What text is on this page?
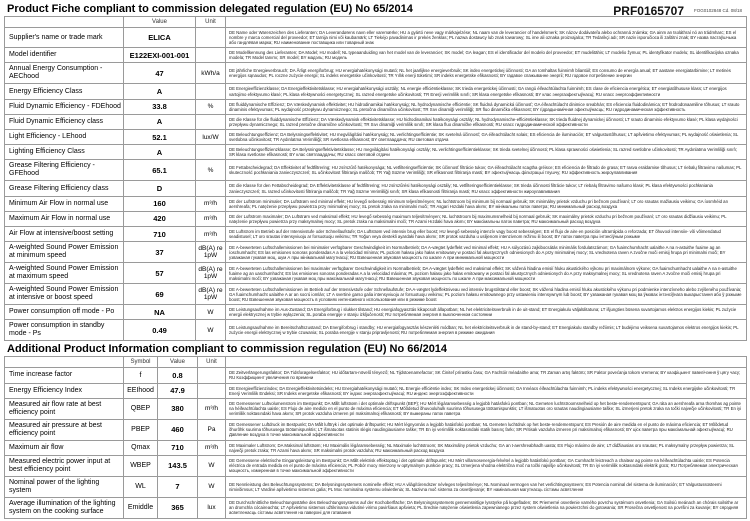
Product Fiche compliant to commission delegated regulation (EU) No 65/2014	PRF0165707 FOG0102848 Cd. 08/18
	Value	Unit	
Supplier's name or trade mark	ELICA		DE Name oder Warenzeichen des Lieferanten; DA Leverandørens navn eller varemærke; HU a gyártó neve vagy márkajelzése; NL naam van de leverancier of handelsmerk; SK názov dodávateľa alebo ochranná známka; GA ainm an tsoláthraí nó an trádmharc; ES el nombre y marca comercial del proveedor; ET tarnija nimi või kaubamärk; LT Tiekėjo pavadinimas ir prekės ženklas; PL nazwa dostawcy lub znak towarowy; SL ime ali oznaka proizvajalca; TR Tedarikçi adı; SR naziv isporučioca ili zaštitni znak; BY назва пастаўшчыка або гандлёвая марка; RU наименование поставщика или товарный знак
Model identifier	E122EXI-001-001		DE Modellkennung des Lieferanten; DA Model; HU modell; NL typeaanduiding van het model van de leverancier; SK model; GA leagan; ES el identificador del modelo del proveedor; ET mudelitähis; LT modelio žymuo; PL identyfikator modelu; SL identifikacijska oznaka modela; TR Model tanımı; SR model; BY мадэль; RU модель
Annual Energy Consumption - AEChood	47	kWh/a	DE jährliche Energieverbrauch; DA Årligt energiforbrug; HU energiahatékonysági mutató; NL het jaarlijkse energieverbruik; SK index energetickej účinnosti; GA an tomhaltas fuinnimh bliantúil; ES consumo de energía anual; ET aastane energiatarbimine; LT metinės energijos sąnaudos; PL roczne zużycie energii; SL indeks energetske učinkovitosti; TR Yıllık enerji tüketimi; SR indeks energetske efikasnosti; BY гадавое спажыванне энергіі; RU годовое потребление энергии
Energy Efficiency Class	A		DE Energieeffizienzklasse; DA Energieffektivitetsklasse; HU energiahatékonysági osztály; NL energie efficiëntieklasse; SK trieda energetickej účinnosti; GA rangú éifeachtúlachta fuinnimh; ES clase de eficiencia energética; ET energiatõhususe klass; LT energijos vartojimo efektyvumo klasė; PL klasa efektywności energetycznej; SL razred energetske učinkovitosti; TR Enerji verimlilik sınıfı; SR klasa energetske efikasnosti; BY клас энергаэфектыўнасці; RU класс энергоэффективности
Fluid Dynamic Efficiency - FDEhood	33.8	%	DE fluiddynamische Effizienz; DA Væskedynamisk effektivitet; HU hidrodinamikai hatékonyság; NL hydrodynamische efficiëntie; SK fluidná dynamická účinnosť; GA éifeachtúlacht dinimice sreabhán; ES eficiencia fluidodinámica; ET hüdrodünaamiline tõhusus; LT srauto dinaminis efektyvumas; PL wydajność przepływu dynamicznego; SL pretočna dinamična učinkovitost; TR Sıvı dinamiği verimliliği; SR fluo dinamička efikasnost; BY гідрадынамічная эфектыўнасць; RU гидродинамическая эффективность
Fluid Dynamic Efficiency class	A		DE die Klasse für die fluiddynamische Effizienz; DA Væskedynamisk effektivitetsklasse; HU hidrodinamikai hatékonysági osztály; NL hydrodynamische-efficiëntieklasse; SK trieda fluidnej dynamickej účinnosti; LT srauto dinaminio efektyvumo klasė; PL klasa wydajności przepływu dynamicznego; SL razred pretočne dinamične učinkovitosti; TR Sıvı dinamiği verimlilik sınıfı; SR klasa fluo dinamičke efikasnosti; RU класс гидродинамической эффективности
Light Efficiency - LEhood	52.1	lux/W	DE Beleuchtungseffizienz; DA Belysningseffektivitet; HU megvilágítási hatékonyság; NL verlichtingsefficiëntie; SK svetelná účinnosť; GA éifeachtúlacht solais; ES eficiencia de iluminación; ET valgustustõhusus; LT apšvietimo efektyvumas; PL wydajność oświetlenia; SL svetlobna učinkovitost; TR Aydınlatma Verimliliği; SR svetlosna efikasnost; BY светлааддача; RU световая отдача
Lighting Efficiency Class	A		DE Beleuchtungseffizienzklasse; DA Belysningseffektivitetsklasse; HU megvilágítási hatékonysági osztály; NL verlichtingsefficiëntieklasse; SK trieda svetelnej účinnosti; PL klasa sprawności oświetlenia; SL razred svetlobne učinkovitosti; TR Aydınlatma Verimliliği sınıfı; SR klasa svetlosne efikasnosti; BY клас святлааддачы; RU класс световой отдачи
Grease Filtering Efficiency - GFEhood	65.1	%	DE Fettabscheidegrad; DA Effektivitet af fedtfiltrering; HU zsírszűrő hatékonysága; NL vetfilteringsefficiëntie; SK účinnosť filtrácie tukov; GA éifeachtúlacht scagtha gréisce; ES eficiencia de filtrado de grasa; ET rasva eraldamise tõhusus; LT riebalų filtravimo našumas; PL skuteczność pochłaniania zanieczyszczeń; SL učinkovitost filtriranja maščob; TR Yağ Süzme Verimliliği; SR efikasnost filtriranja masti; BY эфектыўнасць фільтрацыі тлушчу; RU эффективность жироулавливания
Grease Filtering Efficiency class	D		DE die Klasse für den Fettabscheidegrad; DA Effektivitetsklasse af fedtfiltrering; HU zsírszűrési hatékonysági osztály; NL vetfilteringsefficiëntieklasse; SK trieda účinnosti filtrácie tukov; LT riebalų filtravimo našumo klasė; PL klasa efektywności pochłaniania zanieczyszczeń; SL razred učinkovitosti filtriranja maščob; TR Yağ Süzme Verimliliği sınıfı; SR klasa efikasnosti filtriranja masti; RU класс эффективности жироулавливания
Minimum Air Flow in normal use	160	m³/h	DE der Luftstrom minimaler; DA Luftstrøm ved minimal effekt; HU levegő sebesség minimum teljesítményen; NL luchtstroom bij minimum bij normaal gebruik; SK minimálny prietok vzduchu pri bežnom používaní; LT oro srautas mažiausiu veikimu; GA íosmhéid an aershreafa; PL natężenie przepływu powietrza przy minimalnej mocy; SL pretok zraka na minimalni moči; TR Asgari Hızdaki hava akımı; BY мінімальны паток паветра; RU минимальный расход воздуха
Maximum Air Flow in normal use	420	m³/h	DE der Luftstrom maximaler; DA Luftstrøm ved maksimal effekt; HU levegő sebesség maximum teljesítményen; NL luchtstroom bij maximumsnelheid bij normaal gebruik; SK maximálny prietok vzduchu pri bežnom používaní; LT oro srautas didžiausiu veikimu; PL natężenie przepływu powietrza przy maksymalnej mocy; SL pretok zraka na maksimalni moči; TR Azami Hızdaki hava akımı; BY максімальны паток паветра; RU максимальный расход воздуха
Air Flow at intensive/boost setting	710	m³/h	DE Luftstrom im Betrieb auf der Intensivstufe oder Schnellaufstufe; DA Luftstrøm ved intensiv brug eller boost; HU levegő sebesség intenzív vagy boost sebességen; ES el flujo de aire en posición ultrarrápida o reforzada; ET õhuvool intensiiv- või võimendatud seadistusel; LT oro srautas intensyviuoju ar forsuotuoju veikimu; TR Yoğun veya destekli ayardaki hava akımı; SR protok vazduha u usiljenom intenzivnom režimu ili boost; BY паток паветра пры інтэнсіўным рэжыме
A-weighted Sound Power Emission at minimum speed	37	dB(A) re 1pW	DE A-bewerteten Luftschallemissionen bei minimaler verfügbarer Geschwindigkeit im Normalbetrieb; DA A-vægtet lydeffekt ved minimal effekt; HU A súlyozású zajkibocsátás minimális fordulatszámon; GA fuaimchumhacht ualaithe A na n-astuithe fuaime ag an íoschumhacht; ES las emisiones sonoras ponderadas A a la velocidad mínima; PL poziom hałasu jako hałas emitowany w postaci fal akustycznych odniesionych do A przy minimalnej mocy; SL vrednotena raven A zvočne moči emisij hrupa pri minimalni moči; BY узважаная гукавая моц, шум А пры мінімальнай магутнасці; RU Взвешенная звуковая мощность по шкале А при минимальной мощности
A-weighted Sound Power Emission at maximum speed	57	dB(A) re 1pW	DE A-bewerteten Luftschallemissionen bei maximaler verfügbarer Geschwindigkeit im Normalbetrieb; DA A-vægtet lydeffekt ved maksimal effekt; SK vážená hladina emisií hluku akustického výkonu pri maximálnom výkone; GA fuaimchumhacht ualaithe A na n-astuithe fuaime ag an uaschumhacht; ES las emisiones sonoras ponderadas A a la velocidad máxima; PL poziom hałasu jako hałas emitowany w postaci fal akustycznych odniesionych do A przy maksymalnej mocy; SL vrednotena raven A zvočne moči emisij hrupa pri maksimalni moči; BY узважаная гукавая моц пры максімальнай магутнасці; RU Взвешенная звуковая мощность по шкале А при максимальной мощности
A-weighted Sound Power Emission at intensive or boost speed	69	dB(A) re 1pW	DE A-bewerteten Luftschallemissionen im Betrieb auf der Intensivstufe oder Schnellaufstufe; DA A-vægtet lydeffektniveau ved intensiv brugstilstand eller boost; SK vážená hladina emisií hluku akustického výkonu pri podmienke intenzívneho alebo zvýšeného používania; GA fuaimchumhacht ualaithe A ar an socrú iomlán; LT A svertinė garso galia intensyviuoju ar forsuotuoju veikimu; PL poziom hałasu emitowanego przy ustawieniu intensywnym lub boost; BY узважаная гукавая моц ва ўмовах інтэнсіўнага выкарыстання або ў рэжыме boost; RU Взвешенная звуковая мощность в условиях интенсивного использования или в режиме boost
Power consumption off mode - Po	NA	W	DE Leistungsaufnahme im Aus-Zustand; DA Energiforbrug i slukket tilstand; HU energiafogyasztás kikapcsolt állapotban; NL het elektriciteitsverbruik in de uit-stand; ET Energiakulu väljalülitatuna; LT išjungties būsena suvartojamos elektros energijos kiekis; PL zużycie energii elektrycznej w trybie wyłączenia; SL poraba energije v stanju izključenosti; RU потребляемая энергия в выключенном состоянии
Power consumption in standby mode - Ps	0.49	W	DE Leistungsaufnahme im Bereitschaftszustand; DA Energiforbrug i standby; HU energiafogyasztás készenléti módban; NL het elektriciteitsverbruik in de stand-by-stand; ET Energiakulu standby režiimis; LT budėjimo veiksena suvartojamos elektros energijos kiekis; PL zużycie energii elektrycznej w trybie czuwania; SL poraba energije v stanju pripravljenosti; RU потребляемая энергия в режиме ожидания
Additional Product Information compliant to commission regulation (EU) No 66/2014
	Symbol	Value	Unit	
Time increase factor	f	0.8		DE Zeitverlängerungsfaktor; DA Tidsforøgelsesfaktor; HU időtartam-növelő tényező; NL Tijdstoenamefactor; SK Činiteľ prírastku času; GA Fachtóir méadaithe ama; TR Zaman artış faktörü; SR Faktor povećanja tokom vremena; BY каэфіцыент павелічэння ў цягу часу; RU Коэффициент увеличения по времени
Energy Efficiency Index	EEIhood	47.9		DE Energieeffizienzindex; DA Energieffektivitetsindeks; HU Energiahatékonysági mutató; NL Energie efficiëntie index; SK Index energetickej účinnosti; GA Innéacs éifeachtúlachta fuinnimh; PL indeks efektywności energetycznej; SL Indeks energijske učinkovitosti; TR Enerji Verimlilik Endeksi; SR Indeks energetske efikasnosti; BY індэкс энергаэфектыўнасці; RU индекс энергоэффективности
Measured air flow rate at best efficiency point	QBEP	380	m³/h	DE Gemessener Luftvolumenstrom im Bestpunkt; DA Målt luftstrøm i det optimale driftspunkt (BEP); HU Mért légáramsebesség a legjobb hatásfokú pontban; NL Gemeten luchtstroomsnelheid op het beste-rendementspunt; GA ráta an aershreafa arna thomhas ag pointe na héifeachtúlachta uaisle; ES Flujo de aire medido en el punto de máxima eficiencia; ET Mõõdetud õhuvooluhulk suurima tõhususega töötamispunktis; LT išmatuotas oro srautas naudingiausiame taške; SL izmerjeni pretok zraka na točki največje učinkovitosti; TR En iyi verimlilik noktasındaki hava akımı; SR protok vazduha izmeren pri maksimalnoj efikasnosti; BY вымераны паток паветра
Measured air pressure at best efficiency point	PBEP	460	Pa	DE Gemessener Luftdruck im Bestpunkt; DA Målt lufttryk i det optimale driftspunkt; HU Mért légnyomás a legjobb hatásfokú pontban; NL Gemeten luchtdruk op het beste-rendementspunt; ES Presión de aire medida en el punto de máxima eficiencia; ET Mõõdetud õhurõhk suurima tõhususega töötamispunktis; LT išmatuotas statinis slėgis naudingiausiame taške; TR En iyi verimlilik noktasındaki statik basınç farkı; SR Pritisak vazduha izmeren pri maksimalnoj efikasnosti; BY ціск паветра пры максімальнай эфектыўнасці; RU Давление воздуха в точке максимальной эффективности
Maximum air flow	Qmax	710	m³/h	DE Maximaler Luftstrom; DA Maksimal luftstrøm; HU Maximális légáramsebesség; NL Maximale luchtstroom; SK Maximálny prietok vzduchu; GA an t-aershreabhadh uasta; ES Flujo máximo de aire; LT didžiausias oro srautas; PL maksymalny przepływ powietrza; SL največji pretok zraka; TR Azami hava akımı; SR maksimalni protok vazduha; RU максимальный расход воздуха
Measured electric power input at best efficiency point	WBEP	143.5	W	DE Gemessene elektrische Eingangsleistung im Bestpunkt; DA Målt elektrisk effektoptag i det optimale driftspunkt; HU Mért villamosenergia-felvétel a legjobb hatásfokú pontban; GA Cumhacht leictreach a chaitear ag pointe na héifeachtúlachta uaisle; ES Potencia eléctrica de entrada medida en el punto de máxima eficiencia; PL Pobór mocy mierzony w optymalnym punkcie pracy; SL Izmerjena vhodna električna moč na točki najvišje učinkovitosti; TR En iyi verimlilik noktasındaki elektrik gücü; RU Потребляемая электрическая мощность, измеренная в точке максимальной эффективности
Nominal power of the lighting system	WL	7	W	DE Nennleistung des Beleuchtungssystems; DA Belysningssystemets nominelle effekt; HU A világítórendszer névleges teljesítménye; NL Nominaal vermogen van het verlichtingssysteem; ES Potencia nominal del sistema de iluminación; ET Valgustussüsteemi nimivõimsus; LT Vardinė apšvietimo sistemos galia; PL Moc nominalna systemu oświetlenia; SL Nazivna moč sistema za osvetljevanje; BY намінальная магутнасць сістэмы асвятлення
Average illumination of the lighting system on the cooking surface	Emiddle	365	lux	DE Durchschnittliche Beleuchtungsstärke des Beleuchtungssystems auf der Kochoberfläche; DA Belysningssystemets gennemsnitlige lysstyrke på kogefladen; SK Priemerné osvetlenie varného povrchu systémom osvetlenia; GA Soilsiú meánach an chórais soilsithe ar an dromchla cócaireachta; LT Apšvietimo sistemos užtikrinama vidutinė virimo paviršiaus apšvieta; PL Średnie natężenie oświetlenia zapewnianego przez system oświetlenia na powierzchni do gotowania; SR Prosečna osvetljenost na površini za kuvanje; BY сярэдняя асветленасць сістэмы асвятлення на паверхні для гатавання
